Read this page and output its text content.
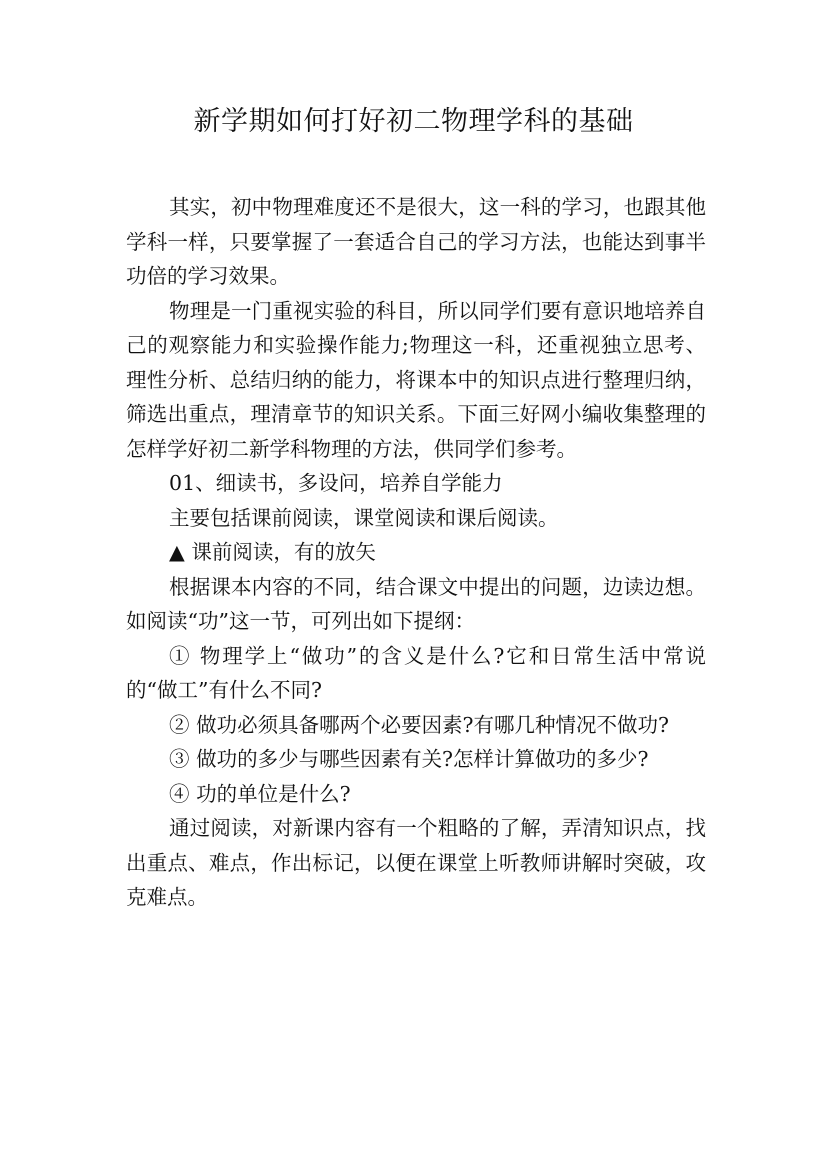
新学期如何打好初二物理学科的基础

其实，初中物理难度还不是很大，这一科的学习，也跟其他学科一样，只要掌握了一套适合自己的学习方法，也能达到事半功倍的学习效果。

物理是一门重视实验的科目，所以同学们要有意识地培养自己的观察能力和实验操作能力;物理这一科，还重视独立思考、理性分析、总结归纳的能力，将课本中的知识点进行整理归纳，筛选出重点，理清章节的知识关系。下面三好网小编收集整理的怎样学好初二新学科物理的方法，供同学们参考。

01、细读书，多设问，培养自学能力

主要包括课前阅读，课堂阅读和课后阅读。

▲ 课前阅读，有的放矢

根据课本内容的不同，结合课文中提出的问题，边读边想。如阅读“功”这一节，可列出如下提纲：

① 物理学上“做功”的含义是什么?它和日常生活中常说的“做工”有什么不同?

② 做功必须具备哪两个必要因素?有哪几种情况不做功?

③ 做功的多少与哪些因素有关?怎样计算做功的多少?

④ 功的单位是什么?

通过阅读，对新课内容有一个粗略的了解，弄清知识点，找出重点、难点，作出标记，以便在课堂上听教师讲解时突破，攻克难点。
